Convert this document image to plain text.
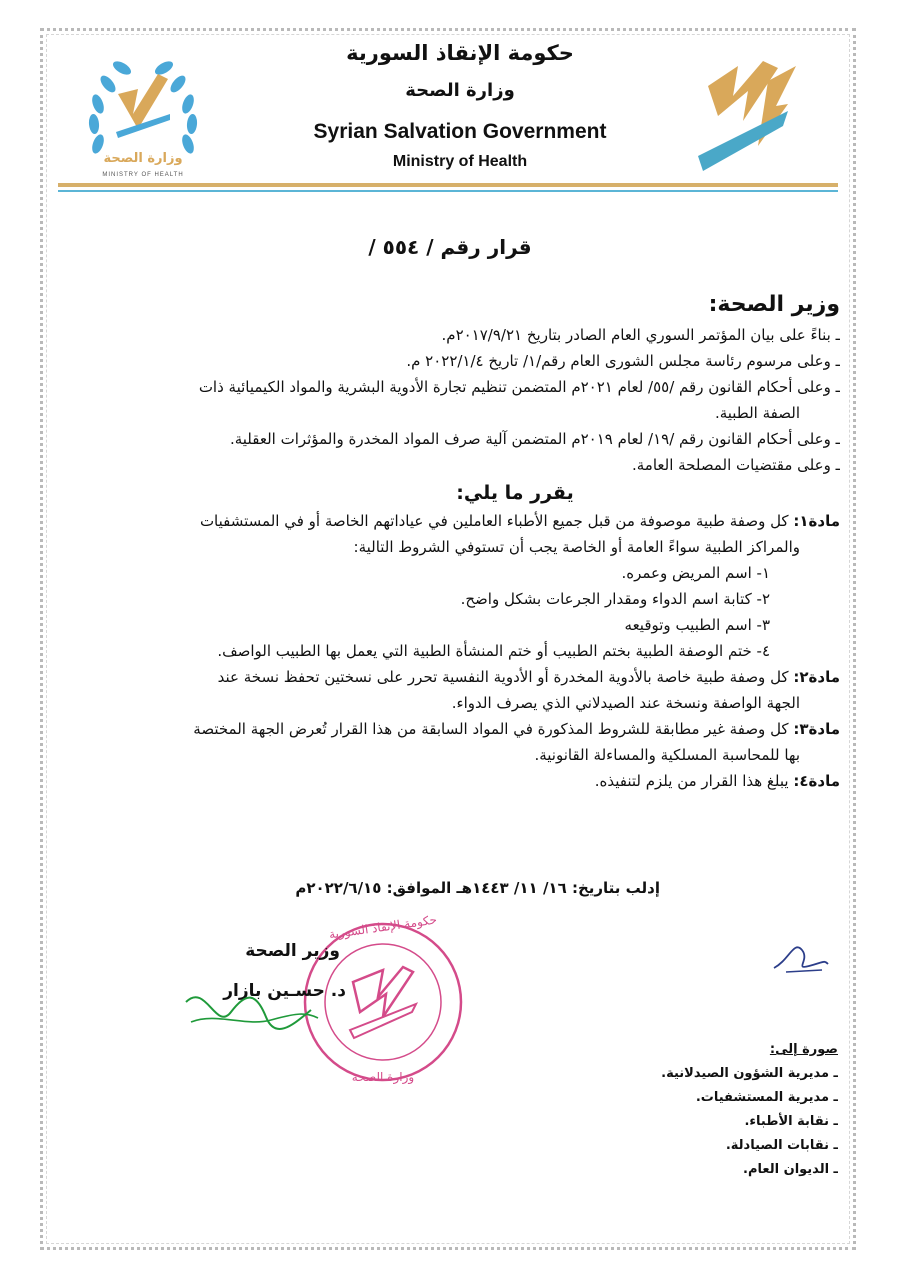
وزارة الصحة
MINISTRY OF HEALTH
حكومة الإنقاذ السورية
وزارة الصحة
Syrian Salvation Government
Ministry of Health
قرار رقم / ٥٥٤ /
وزير الصحة:
ـ بناءً على بيان المؤتمر السوري العام الصادر بتاريخ ٢٠١٧/٩/٢١م.
ـ وعلى مرسوم رئاسة مجلس الشورى العام رقم/١/ تاريخ ٢٠٢٢/١/٤ م.
ـ وعلى أحكام القانون رقم /٥٥/ لعام ٢٠٢١م المتضمن تنظيم تجارة الأدوية البشرية والمواد الكيميائية ذات
الصفة الطبية.
ـ وعلى أحكام القانون رقم /١٩/ لعام ٢٠١٩م المتضمن آلية صرف المواد المخدرة والمؤثرات العقلية.
ـ وعلى مقتضيات المصلحة العامة.
يقرر ما يلي:
مادة١: كل وصفة طبية موصوفة من قبل جميع الأطباء العاملين في عياداتهم الخاصة أو في المستشفيات
والمراكز الطبية سواءً العامة أو الخاصة يجب أن تستوفي الشروط التالية:
١- اسم المريض وعمره.
٢- كتابة اسم الدواء ومقدار الجرعات بشكل واضح.
٣- اسم الطبيب وتوقيعه
٤- ختم الوصفة الطبية بختم الطبيب أو ختم المنشأة الطبية التي يعمل بها الطبيب الواصف.
مادة٢: كل وصفة طبية خاصة بالأدوية المخدرة أو الأدوية النفسية تحرر على نسختين تحفظ نسخة عند
الجهة الواصفة ونسخة عند الصيدلاني الذي يصرف الدواء.
مادة٣: كل وصفة غير مطابقة للشروط المذكورة في المواد السابقة من هذا القرار تُعرض الجهة المختصة
بها للمحاسبة المسلكية والمساءلة القانونية.
مادة٤: يبلغ هذا القرار من يلزم لتنفيذه.
إدلب بتاريخ: ١٦/ ١١/ ١٤٤٣هـ الموافق: ٢٠٢٢/٦/١٥م
حكومة الإنقاذ السورية
وزارة الصحة
وزير الصحة
د. حسـين بازار
صورة إلى:
ـ مديرية الشؤون الصيدلانية.
ـ مديرية المستشفيات.
ـ نقابة الأطباء.
ـ نقابات الصيادلة.
ـ الديوان العام.
